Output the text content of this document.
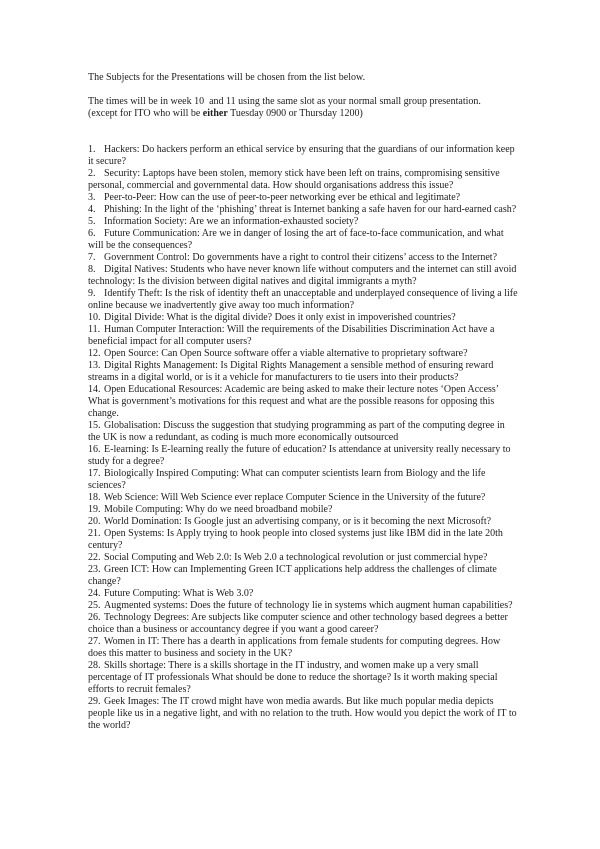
The Subjects for the Presentations will be chosen from the list below.

The times will be in week 10  and 11 using the same slot as your normal small group presentation.
(except for ITO who will be either Tuesday 0900 or Thursday 1200)

1. Hackers: Do hackers perform an ethical service by ensuring that the guardians of our information keep it secure?

2. Security: Laptops have been stolen, memory stick have been left on trains, compromising sensitive personal, commercial and governmental data. How should organisations address this issue?

3. Peer-to-Peer: How can the use of peer-to-peer networking ever be ethical and legitimate?

4. Phishing: In the light of the ‘phishing’ threat is Internet banking a safe haven for our hard-earned cash?

5. Information Society: Are we an information-exhausted society?

6. Future Communication: Are we in danger of losing the art of face-to-face communication, and what will be the consequences?

7. Government Control: Do governments have a right to control their citizens’ access to the Internet?

8. Digital Natives: Students who have never known life without computers and the internet can still avoid technology: Is the division between digital natives and digital immigrants a myth?

9. Identify Theft: Is the risk of identity theft an unacceptable and underplayed consequence of living a life online because we inadvertently give away too much information?

10. Digital Divide: What is the digital divide? Does it only exist in impoverished countries?

11. Human Computer Interaction: Will the requirements of the Disabilities Discrimination Act have a beneficial impact for all computer users?

12. Open Source: Can Open Source software offer a viable alternative to proprietary software?

13. Digital Rights Management: Is Digital Rights Management a sensible method of ensuring reward streams in a digital world, or is it a vehicle for manufacturers to tie users into their products?

14. Open Educational Resources: Academic are being asked to make their lecture notes ‘Open Access’ What is government’s motivations for this request and what are the possible reasons for opposing this change.

15. Globalisation: Discuss the suggestion that studying programming as part of the computing degree in the UK is now a redundant, as coding is much more economically outsourced

16. E-learning: Is E-learning really the future of education? Is attendance at university really necessary to study for a degree?

17. Biologically Inspired Computing: What can computer scientists learn from Biology and the life sciences?

18. Web Science: Will Web Science ever replace Computer Science in the University of the future?

19. Mobile Computing: Why do we need broadband mobile?

20. World Domination: Is Google just an advertising company, or is it becoming the next Microsoft?

21. Open Systems: Is Apply trying to hook people into closed systems just like IBM did in the late 20th century?

22. Social Computing and Web 2.0: Is Web 2.0 a technological revolution or just commercial hype?

23. Green ICT: How can Implementing Green ICT applications help address the challenges of climate change?

24. Future Computing: What is Web 3.0?

25. Augmented systems: Does the future of technology lie in systems which augment human capabilities?

26. Technology Degrees: Are subjects like computer science and other technology based degrees a better choice than a business or accountancy degree if you want a good career?

27. Women in IT: There has a dearth in applications from female students for computing degrees. How does this matter to business and society in the UK?

28. Skills shortage: There is a skills shortage in the IT industry, and women make up a very small percentage of IT professionals What should be done to reduce the shortage? Is it worth making special efforts to recruit females?

29. Geek Images: The IT crowd might have won media awards. But like much popular media depicts people like us in a negative light, and with no relation to the truth. How would you depict the work of IT to the world?
